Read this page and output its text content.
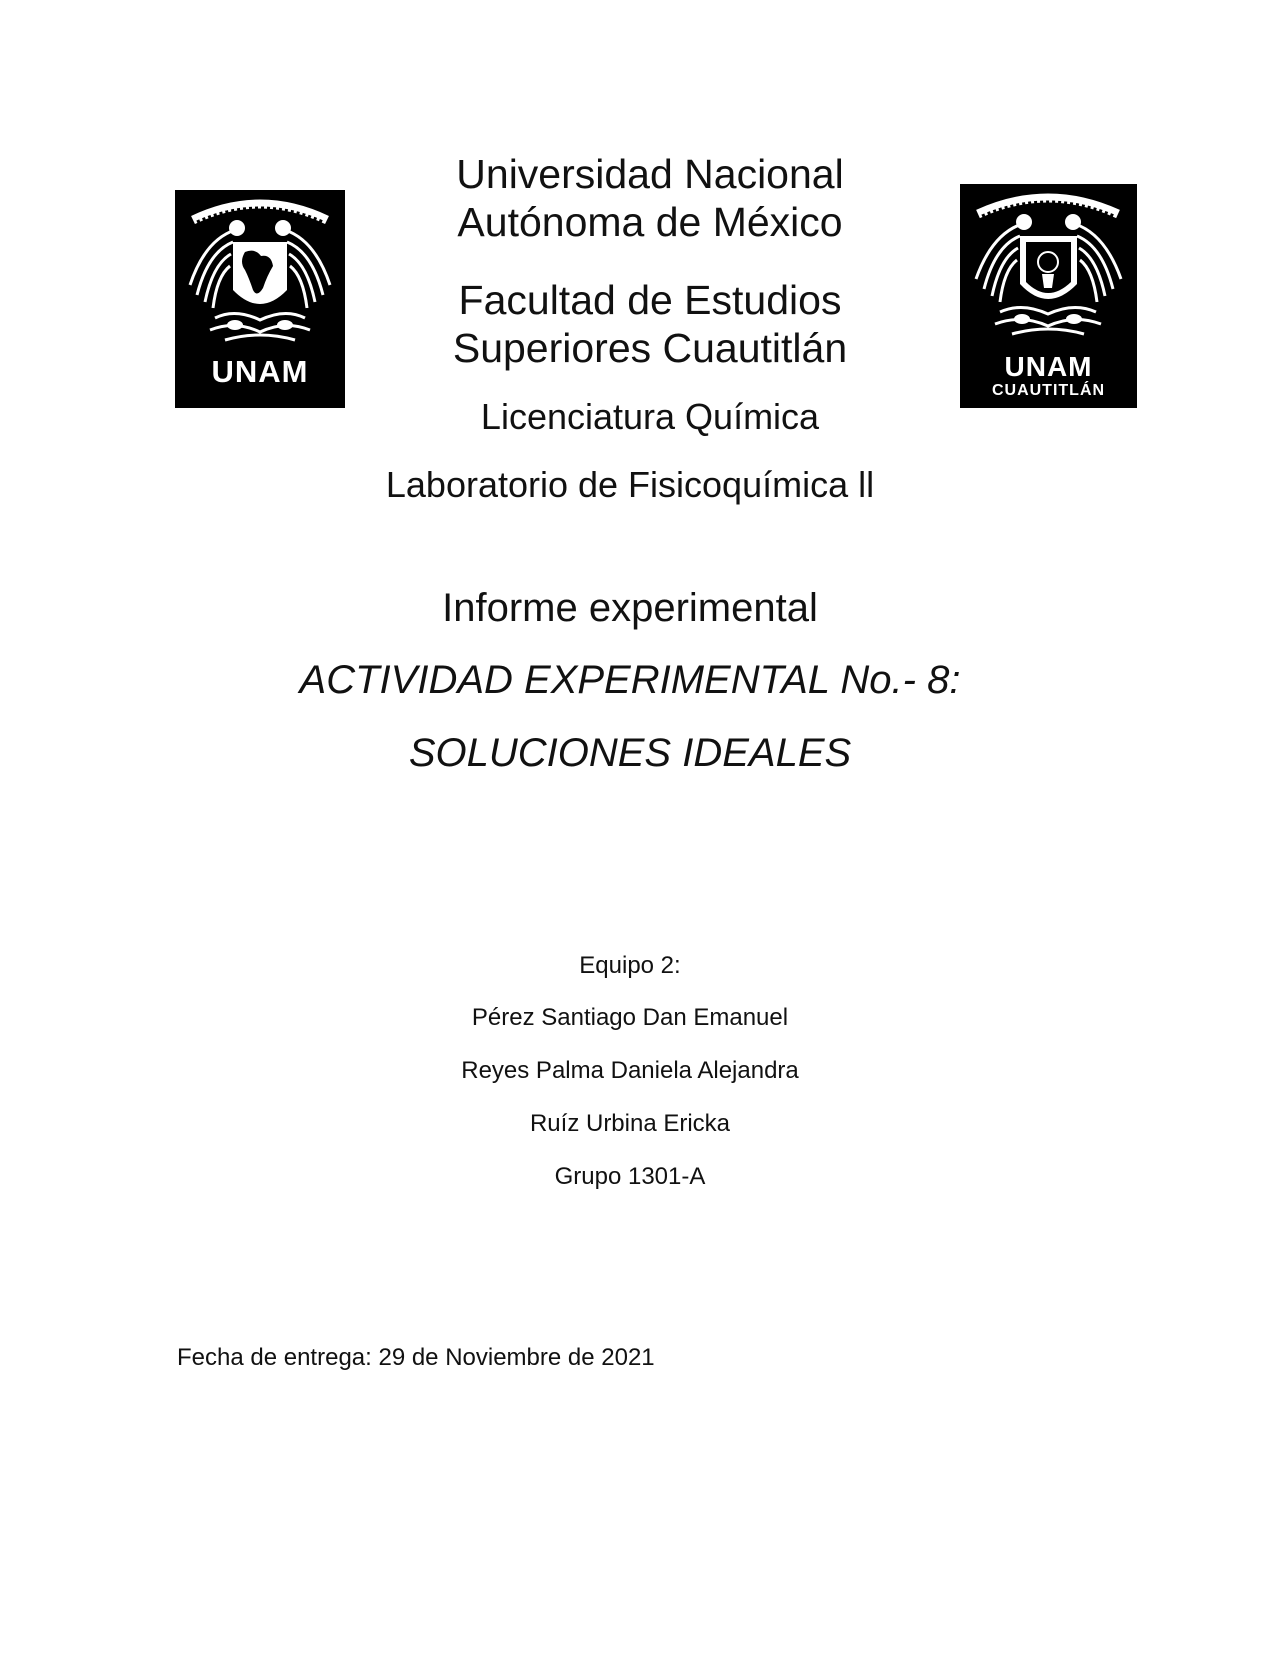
UNAM	UNAM
CUAUTITLÁN
Universidad Nacional
Autónoma de México
Facultad de Estudios
Superiores Cuautitlán
Licenciatura Química
Laboratorio de Fisicoquímica ll
Informe experimental
ACTIVIDAD EXPERIMENTAL No.- 8:
SOLUCIONES IDEALES
Equipo 2:
Pérez Santiago Dan Emanuel
Reyes Palma Daniela Alejandra
Ruíz Urbina Ericka
Grupo 1301-A
Fecha de entrega: 29 de Noviembre de 2021
